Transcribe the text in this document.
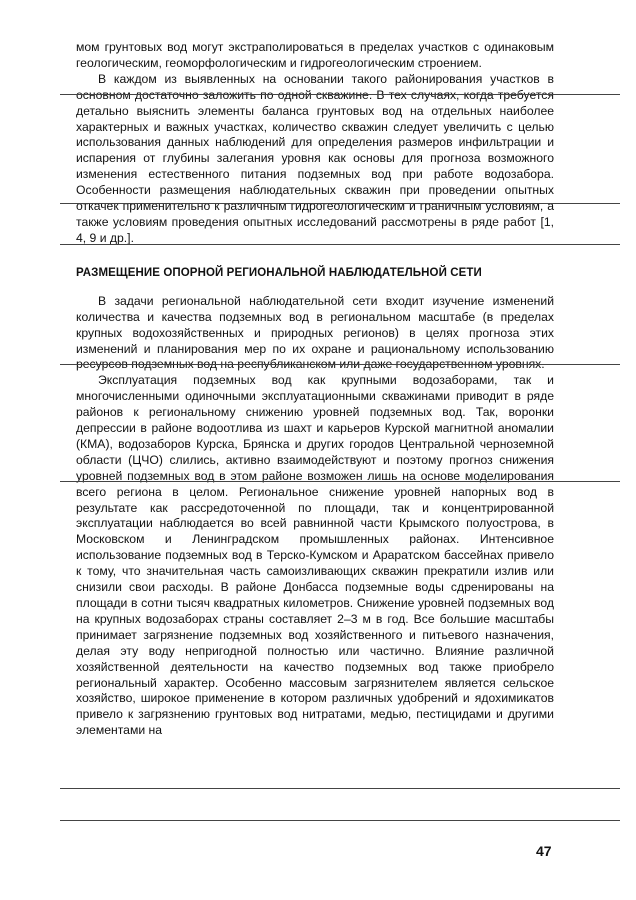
мом грунтовых вод могут экстраполироваться в пределах участков с одинаковым геологическим, геоморфологическим и гидрогеологическим строением.

В каждом из выявленных на основании такого районирования участков в основном достаточно заложить по одной скважине. В тех случаях, когда требуется детально выяснить элементы баланса грунтовых вод на отдельных наиболее характерных и важных участках, количество скважин следует увеличить с целью использования данных наблюдений для определения размеров инфильтрации и испарения от глубины залегания уровня как основы для прогноза возможного изменения естественного питания подземных вод при работе водозабора. Особенности размещения наблюдательных скважин при проведении опытных откачек применительно к различным гидрогеологическим и граничным условиям, а также условиям проведения опытных исследований рассмотрены в ряде работ [1, 4, 9 и др.].

РАЗМЕЩЕНИЕ ОПОРНОЙ РЕГИОНАЛЬНОЙ НАБЛЮДАТЕЛЬНОЙ СЕТИ

В задачи региональной наблюдательной сети входит изучение изменений количества и качества подземных вод в региональном масштабе (в пределах крупных водохозяйственных и природных регионов) в целях прогноза этих изменений и планирования мер по их охране и рациональному использованию ресурсов подземных вод на республиканском или даже государственном уровнях.

Эксплуатация подземных вод как крупными водозаборами, так и многочисленными одиночными эксплуатационными скважинами приводит в ряде районов к региональному снижению уровней подземных вод. Так, воронки депрессии в районе водоотлива из шахт и карьеров Курской магнитной аномалии (КМА), водозаборов Курска, Брянска и других городов Центральной черноземной области (ЦЧО) слились, активно взаимодействуют и поэтому прогноз снижения уровней подземных вод в этом районе возможен лишь на основе моделирования всего региона в целом. Региональное снижение уровней напорных вод в результате как рассредоточенной по площади, так и концентрированной эксплуатации наблюдается во всей равнинной части Крымского полуострова, в Московском и Ленинградском промышленных районах. Интенсивное использование подземных вод в Терско-Кумском и Араратском бассейнах привело к тому, что значительная часть самоизливающих скважин прекратили излив или снизили свои расходы. В районе Донбасса подземные воды сдренированы на площади в сотни тысяч квадратных километров. Снижение уровней подземных вод на крупных водозаборах страны составляет 2–3 м в год. Все большие масштабы принимает загрязнение подземных вод хозяйственного и питьевого назначения, делая эту воду непригодной полностью или частично. Влияние различной хозяйственной деятельности на качество подземных вод также приобрело региональный характер. Особенно массовым загрязнителем является сельское хозяйство, широкое применение в котором различных удобрений и ядохимикатов привело к загрязнению грунтовых вод нитратами, медью, пестицидами и другими элементами на

47
